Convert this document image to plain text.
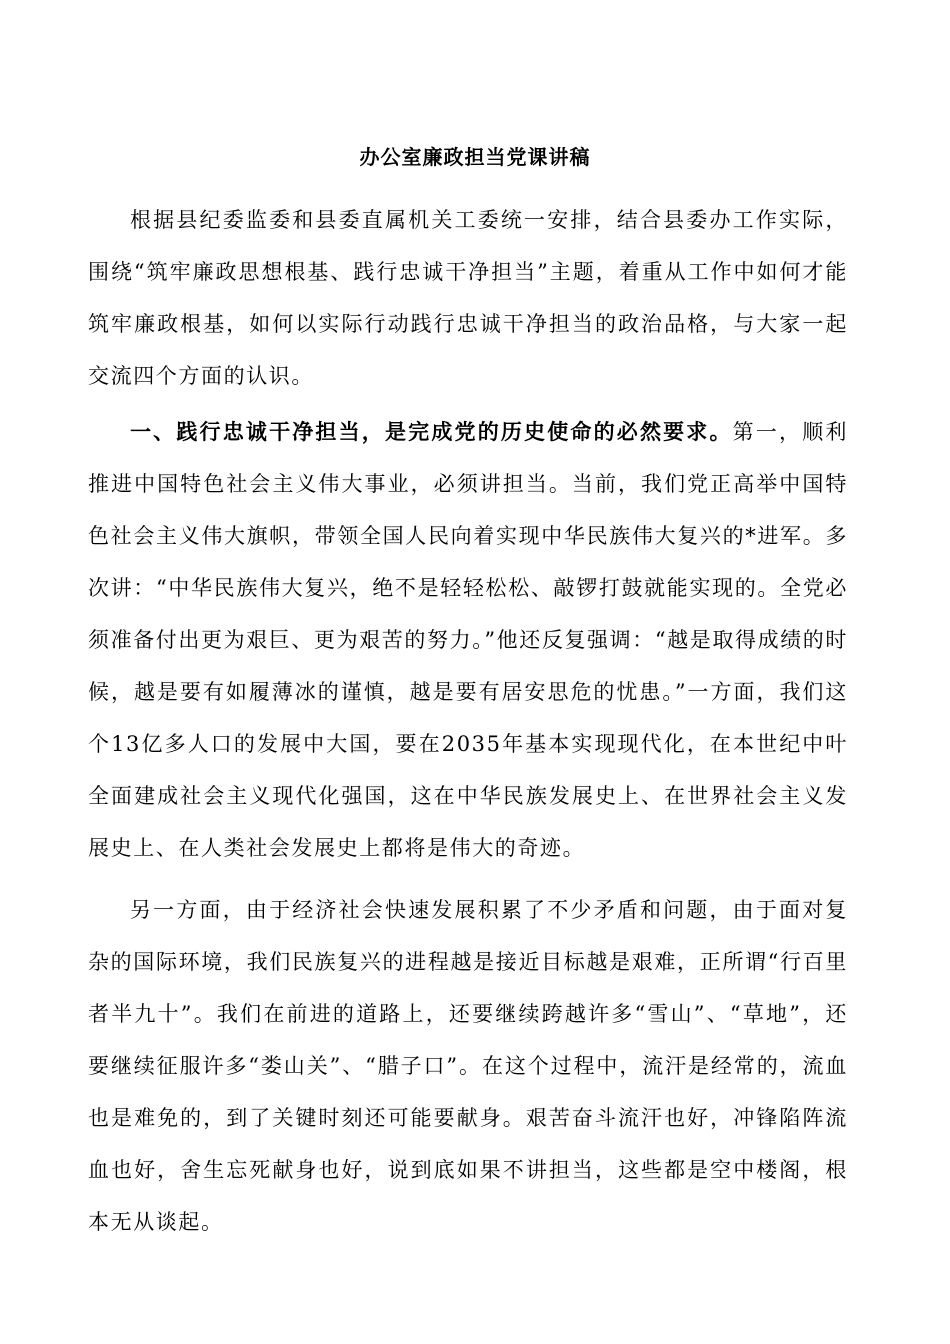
办公室廉政担当党课讲稿

根据县纪委监委和县委直属机关工委统一安排，结合县委办工作实际，围绕“筑牢廉政思想根基、践行忠诚干净担当”主题，着重从工作中如何才能筑牢廉政根基，如何以实际行动践行忠诚干净担当的政治品格，与大家一起交流四个方面的认识。

一、践行忠诚干净担当，是完成党的历史使命的必然要求。第一，顺利推进中国特色社会主义伟大事业，必须讲担当。当前，我们党正高举中国特色社会主义伟大旗帜，带领全国人民向着实现中华民族伟大复兴的*进军。多次讲：“中华民族伟大复兴，绝不是轻轻松松、敲锣打鼓就能实现的。全党必须准备付出更为艰巨、更为艰苦的努力。”他还反复强调：“越是取得成绩的时候，越是要有如履薄冰的谨慎，越是要有居安思危的忧患。”一方面，我们这个13亿多人口的发展中大国，要在2035年基本实现现代化，在本世纪中叶全面建成社会主义现代化强国，这在中华民族发展史上、在世界社会主义发展史上、在人类社会发展史上都将是伟大的奇迹。

另一方面，由于经济社会快速发展积累了不少矛盾和问题，由于面对复杂的国际环境，我们民族复兴的进程越是接近目标越是艰难，正所谓“行百里者半九十”。我们在前进的道路上，还要继续跨越许多“雪山”、“草地”，还要继续征服许多“娄山关”、“腊子口”。在这个过程中，流汗是经常的，流血也是难免的，到了关键时刻还可能要献身。艰苦奋斗流汗也好，冲锋陷阵流血也好，舍生忘死献身也好，说到底如果不讲担当，这些都是空中楼阁，根本无从谈起。
